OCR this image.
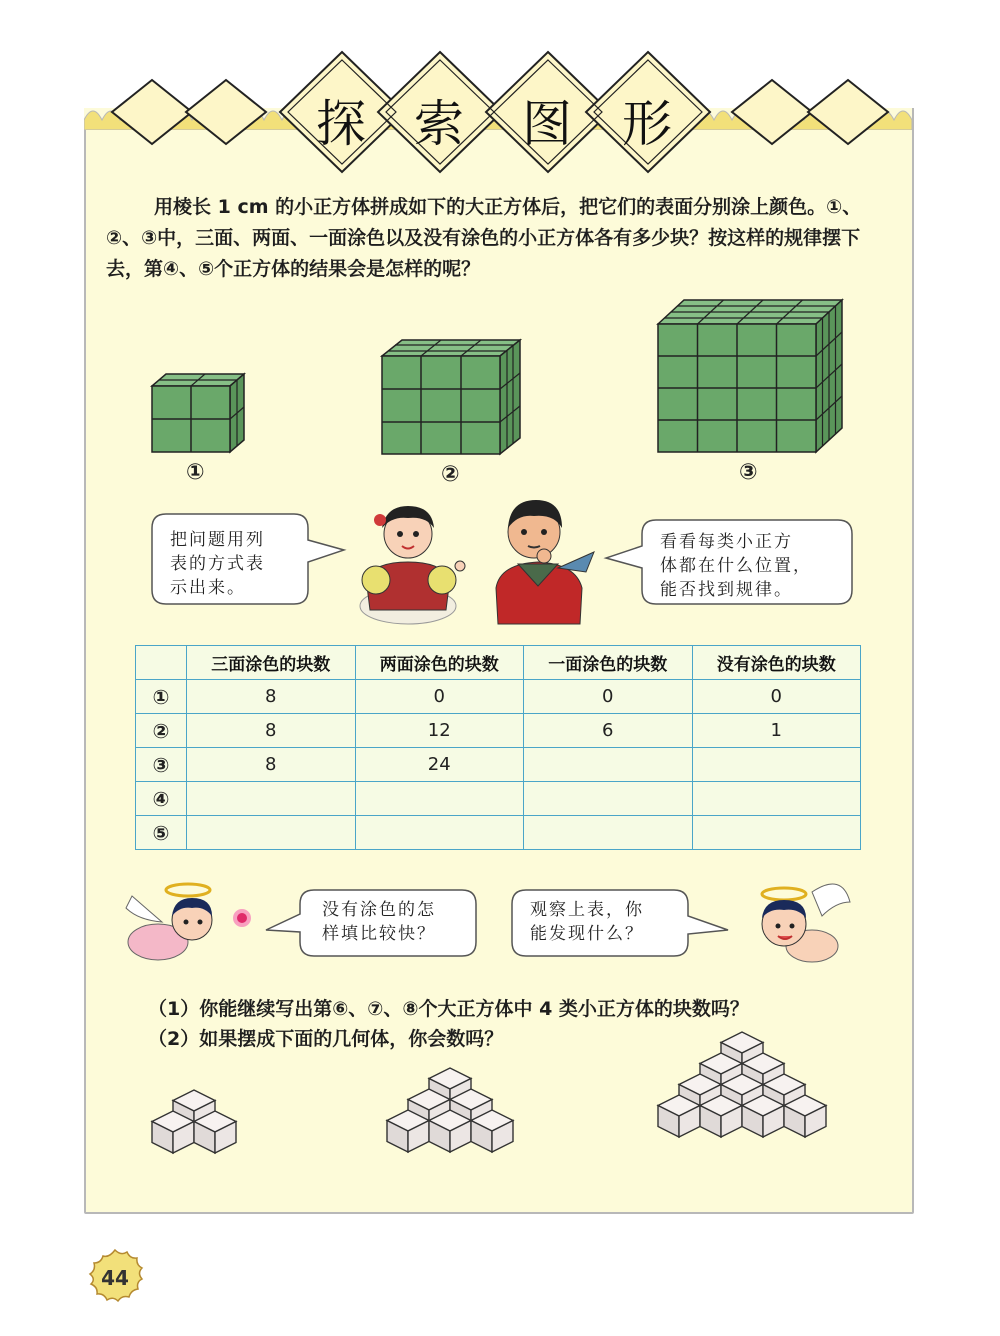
探 索 图 形
用棱长 1 cm 的小正方体拼成如下的大正方体后，把它们的表面分别涂上颜色。①、②、③中，三面、两面、一面涂色以及没有涂色的小正方体各有多少块？按这样的规律摆下去，第④、⑤个正方体的结果会是怎样的呢？
①	②	③
把问题用列
表的方式表
示出来。
看看每类小正方
体都在什么位置，
能否找到规律。
	三面涂色的块数	两面涂色的块数	一面涂色的块数	没有涂色的块数
①	8	0	0	0
②	8	12	6	1
③	8	24		
④				
⑤				
没有涂色的怎
样填比较快？
观察上表，你
能发现什么？
（1）你能继续写出第⑥、⑦、⑧个大正方体中 4 类小正方体的块数吗？
（2）如果摆成下面的几何体，你会数吗？
44
